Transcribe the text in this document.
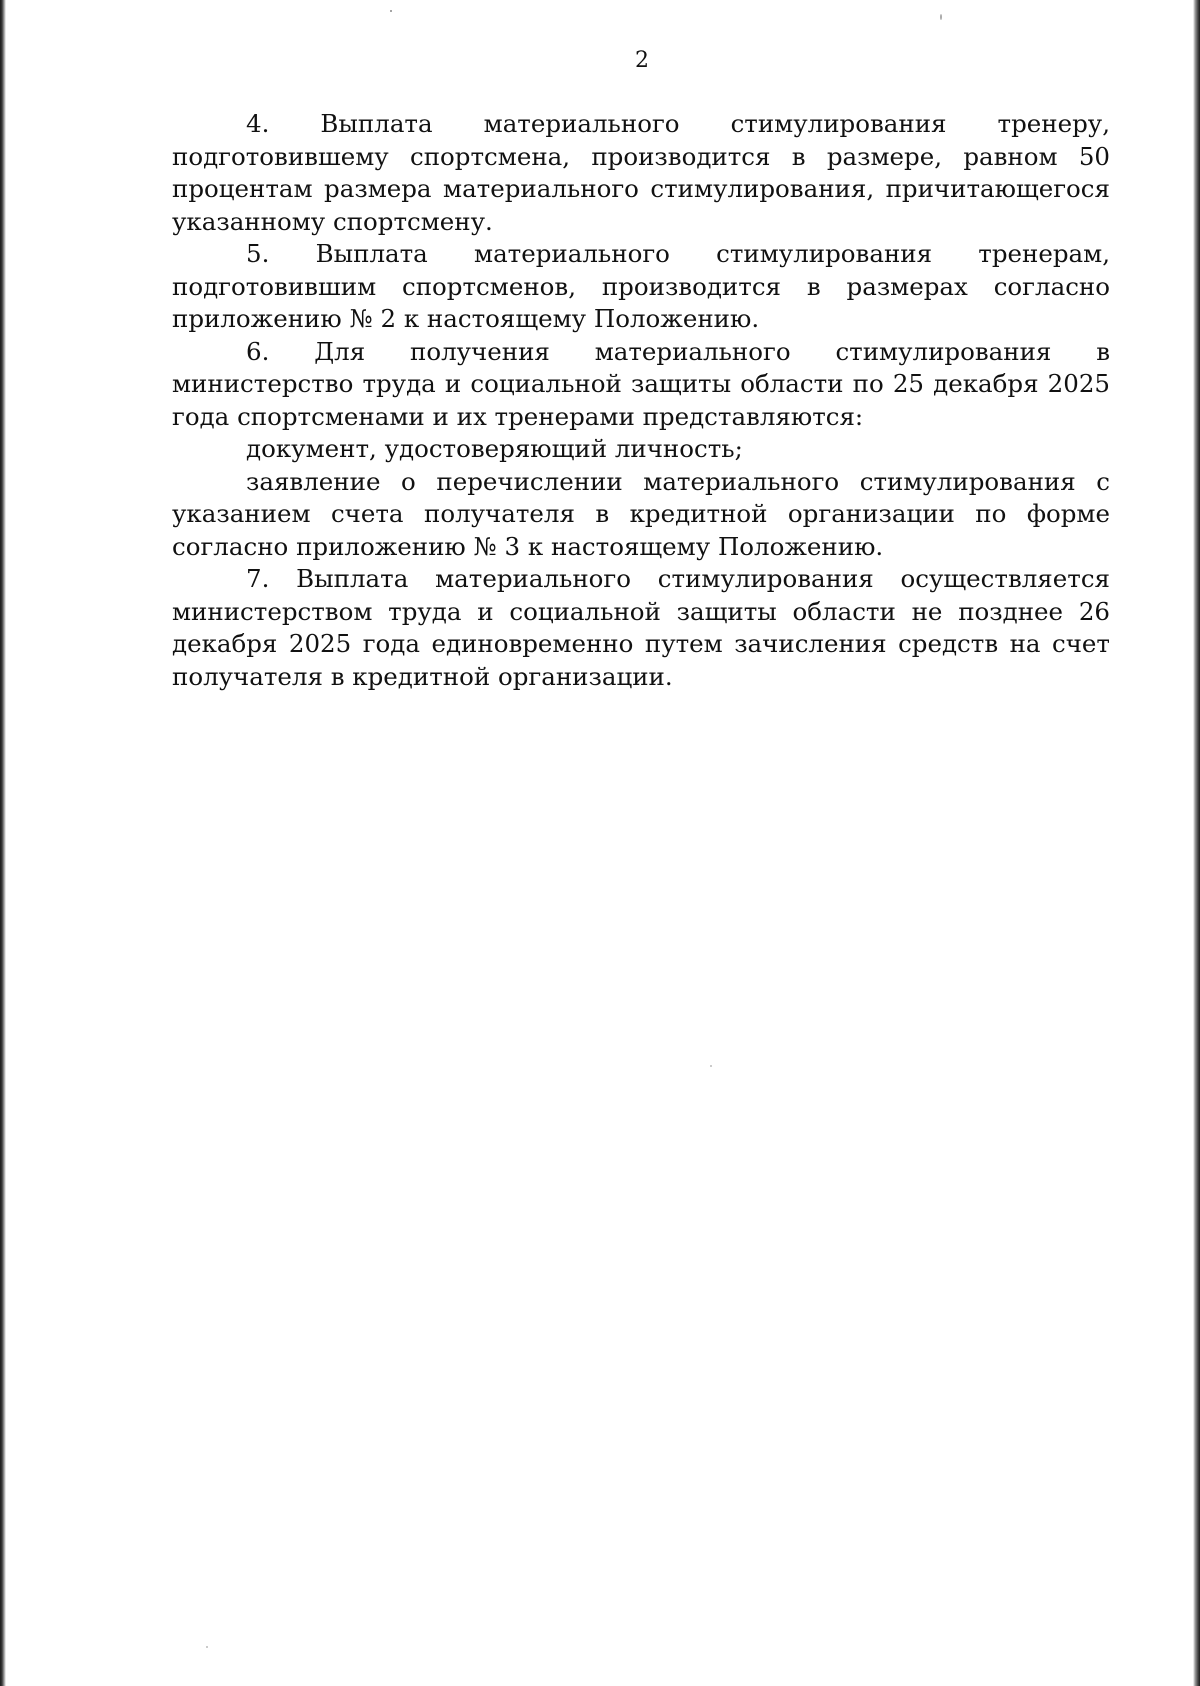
2

4. Выплата материального стимулирования тренеру, подготовившему спортсмена, производится в размере, равном 50 процентам размера материального стимулирования, причитающегося указанному спортсмену.

5. Выплата материального стимулирования тренерам, подготовившим спортсменов, производится в размерах согласно приложению № 2 к настоящему Положению.

6. Для получения материального стимулирования в министерство труда и социальной защиты области по 25 декабря 2025 года спортсменами и их тренерами представляются:

документ, удостоверяющий личность;

заявление о перечислении материального стимулирования с указанием счета получателя в кредитной организации по форме согласно приложению № 3 к настоящему Положению.

7. Выплата материального стимулирования осуществляется министерством труда и социальной защиты области не позднее 26 декабря 2025 года единовременно путем зачисления средств на счет получателя в кредитной организации.
